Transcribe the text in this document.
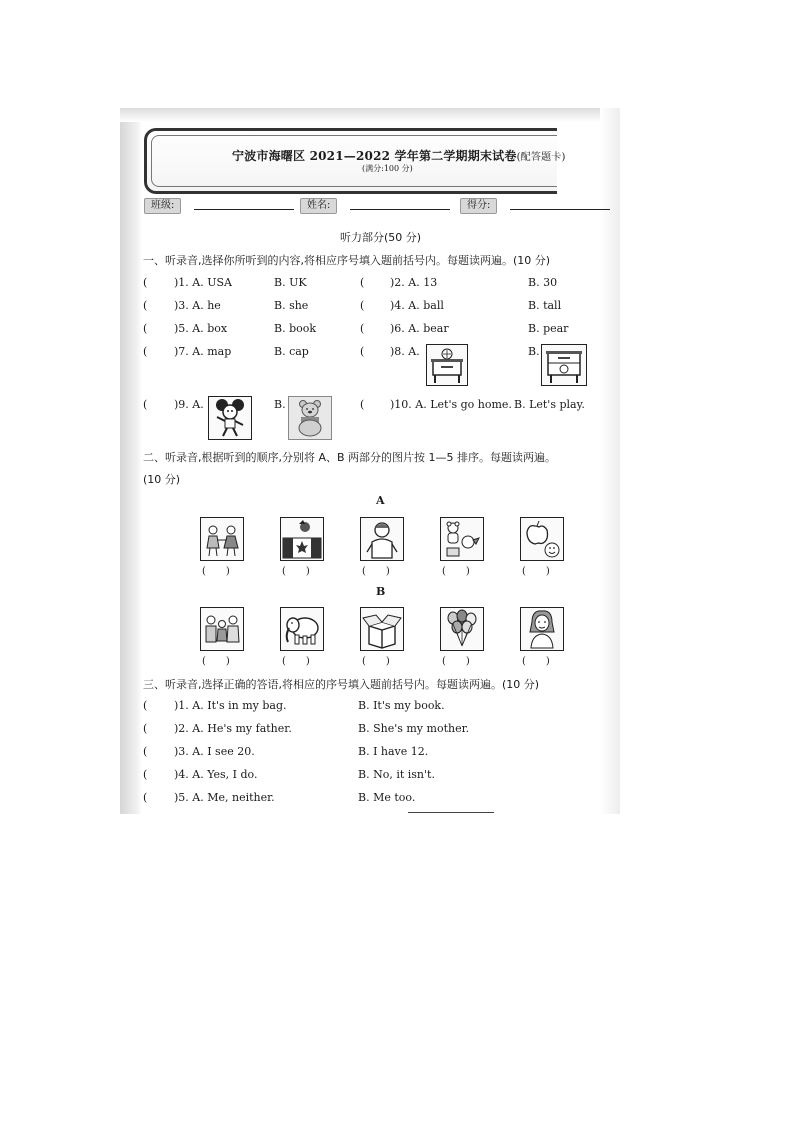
宁波市海曙区 2021—2022 学年第二学期期末试卷(配答题卡)
(满分:100 分)
班级:	姓名:	得分:
听力部分(50 分)
一、听录音,选择你所听到的内容,将相应序号填入题前括号内。每题读两遍。(10 分)
( )1. A. USA	B. UK	( )2. A. 13	B. 30
( )3. A. he	B. she	( )4. A. ball	B. tall
( )5. A. box	B. book	( )6. A. bear	B. pear
( )7. A. map	B. cap	( )8. A.	B.
( )9. A.	B.	( )10. A. Let's go home. B. Let's play.
二、听录音,根据听到的顺序,分别将 A、B 两部分的图片按 1—5 排序。每题读两遍。
(10 分)
A
(　　)	(　　)	(　　)	(　　)	(　　)
B
(　　)	(　　)	(　　)	(　　)	(　　)
三、听录音,选择正确的答语,将相应的序号填入题前括号内。每题读两遍。(10 分)
( )1. A. It's in my bag.	B. It's my book.
( )2. A. He's my father.	B. She's my mother.
( )3. A. I see 20.	B. I have 12.
( )4. A. Yes, I do.	B. No, it isn't.
( )5. A. Me, neither.	B. Me too.
